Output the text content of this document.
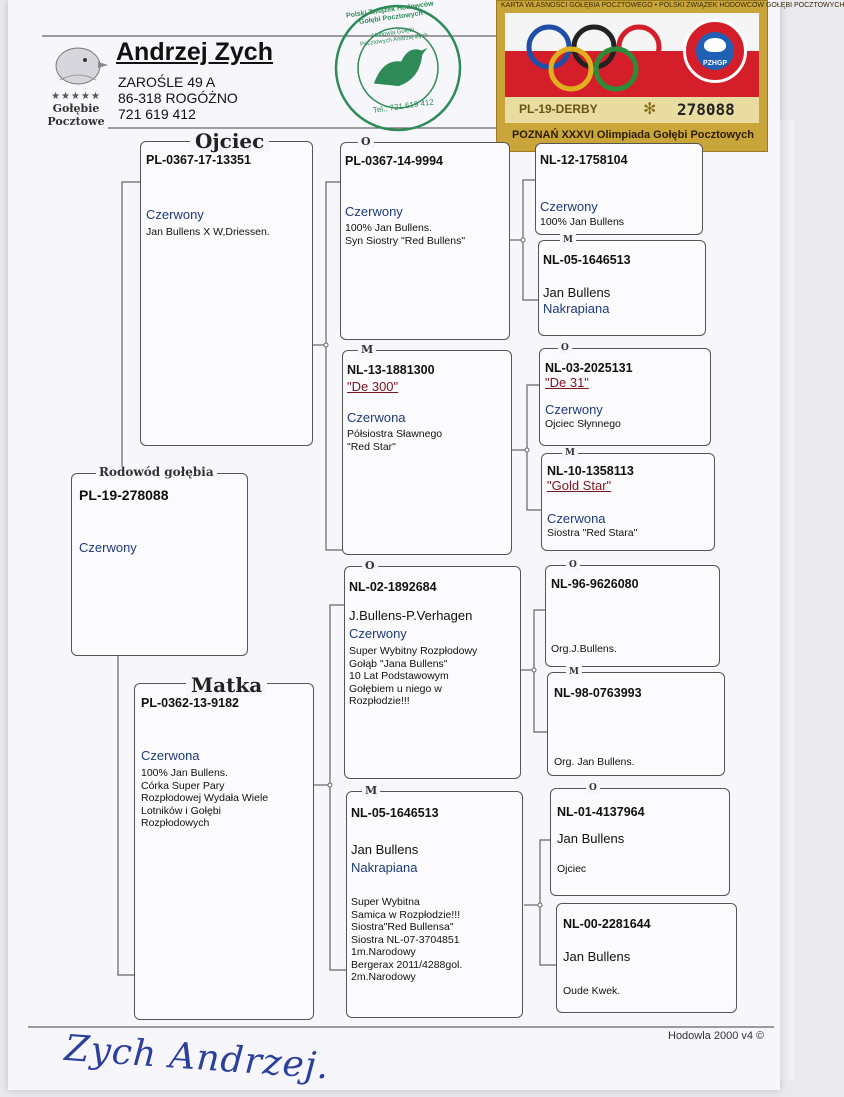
★★★★★
Gołębie
Pocztowe
Andrzej Zych
ZAROŚLE 49 A
86-318 ROGÓŻNO
721 619 412
Polski Związek Hodowców Gołębi Pocztowych
Hodowla Gołębi Pocztowych Andrzej Zych
Tel.: 721 619 412
KARTA WŁASNOŚCI GOŁĘBIA POCZTOWEGO • POLSKI ZWIĄZEK HODOWCÓW GOŁĘBI POCZTOWYCH
PZHGP
PL-19-DERBY	✻ 278088
POZNAŃ XXXVI Olimpiada Gołębi Pocztowych
PL-19-278088
Czerwony
Rodowód gołębia
PL-0367-17-13351
Czerwony
Jan Bullens X W,Driessen.
Ojciec
PL-0362-13-9182
Czerwona
100% Jan Bullens.
Córka Super Pary
Rozpłodowej Wydała Wiele
Lotników i Gołębi
Rozpłodowych
Matka
PL-0367-14-9994
Czerwony
100% Jan Bullens.
Syn Siostry "Red Bullens"
O
NL-13-1881300
"De 300"
Czerwona
Półsiostra Sławnego
"Red Star"
M
NL-02-1892684
J.Bullens-P.Verhagen
Czerwony
Super Wybitny Rozpłodowy
Gołąb "Jana Bullens"
10 Lat Podstawowym
Gołębiem u niego w
Rozpłodzie!!!
O
NL-05-1646513
Jan Bullens
Nakrapiana
Super Wybitna
Samica w Rozpłodzie!!!
Siostra"Red Bullensa"
Siostra NL-07-3704851
1m.Narodowy
Bergerax 2011/4288gol.
2m.Narodowy
M
NL-12-1758104
Czerwony
100% Jan Bullens
NL-05-1646513
Jan Bullens
Nakrapiana
M
NL-03-2025131
"De 31"
Czerwony
Ojciec Słynnego
O
NL-10-1358113
"Gold Star"
Czerwona
Siostra "Red Stara"
M
NL-96-9626080
Org.J.Bullens.
O
NL-98-0763993
Org. Jan Bullens.
M
NL-01-4137964
Jan Bullens
Ojciec
O
NL-00-2281644
Jan Bullens
Oude Kwek.
Zych Andrzej.	Hodowla 2000 v4 ©
